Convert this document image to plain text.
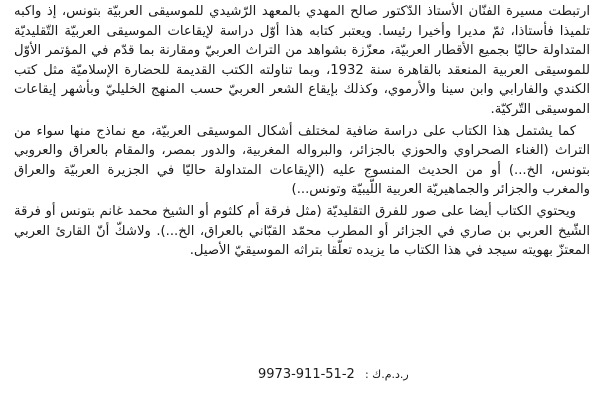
ارتبطت مسيرة الفنّان الأستاذ الدّكتور صالح المهدي بالمعهد الرّشيدي للموسيقى العربيّة بتونس، إذ واكبه تلميذا فأستاذا، ثمّ مديرا وأخيرا رئيسا. ويعتبر كتابه هذا أوّل دراسة لإيقاعات الموسيقى العربيّة التّقليديّة المتداولة حاليّا بجميع الأقطار العربيّة، معزّزة بشواهد من التراث العربيّ ومقارنة بما قدّم في المؤتمر الأوّل للموسيقى العربية المنعقد بالقاهرة سنة 1932، وبما تناولته الكتب القديمة للحضارة الإسلاميّة مثل كتب الكندي والفارابي وابن سينا والأرموي، وكذلك بإيقاع الشعر العربيّ حسب المنهج الخليليّ وبأشهر إيقاعات الموسيقى التّركيّة.

كما يشتمل هذا الكتاب على دراسة ضافية لمختلف أشكال الموسيقى العربيّة، مع نماذج منها سواء من التراث (الغناء الصحراوي والحوزي بالجزائر، والبرواله المغربية، والدور بمصر، والمقام بالعراق والعروبي بتونس، الخ...) أو من الحديث المنسوج عليه (الإيقاعات المتداولة حاليّا في الجزيرة العربيّة والعراق والمغرب والجزائر والجماهيريّة العربية اللّيبيّة وتونس...)

ويحتوي الكتاب أيضا على صور للفرق التقليديّة (مثل فرقة أم كلثوم أو الشيخ محمد غانم بتونس أو فرقة الشّيخ العربي بن صاري في الجزائر أو المطرب محمّد القبّاني بالعراق، الخ...). ولاشكّ أنّ القارئ العربي المعتزّ بهويته سيجد في هذا الكتاب ما يزيده تعلّقا بتراثه الموسيقيّ الأصيل.

9973-911-51-2 ر.د.م.ك :
